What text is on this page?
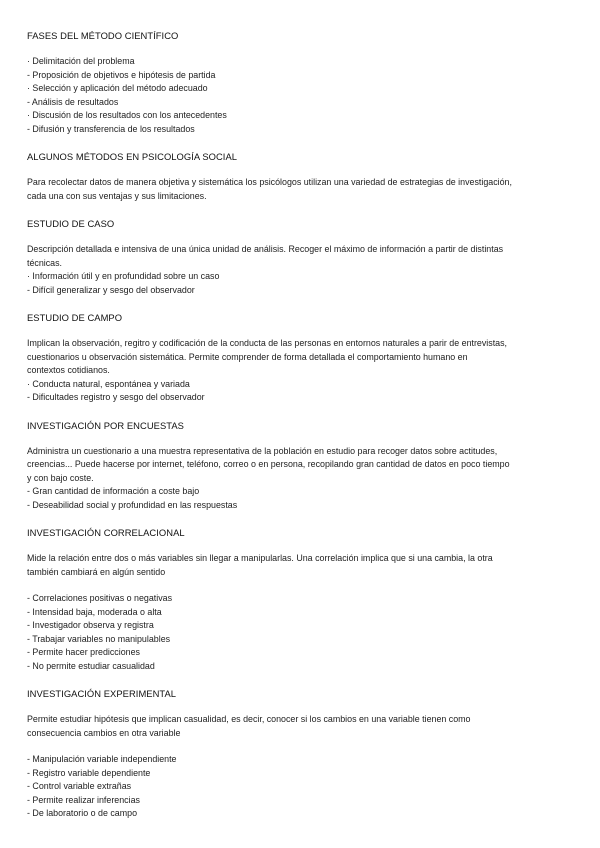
FASES DEL MÉTODO CIENTÍFICO

· Delimitación del problema

- Proposición de objetivos e hipótesis de partida

· Selección y aplicación del método adecuado

- Análisis de resultados

· Discusión de los resultados con los antecedentes

- Difusión y transferencia de los resultados

ALGUNOS MÉTODOS EN PSICOLOGÍA SOCIAL

Para recolectar datos de manera objetiva y sistemática los psicólogos utilizan una variedad de estrategias de investigación,

cada una con sus ventajas y sus limitaciones.

ESTUDIO DE CASO

Descripción detallada e intensiva de una única unidad de análisis. Recoger el máximo de información a partir de distintas

técnicas.

· Información útil y en profundidad sobre un caso

- Difícil generalizar y sesgo del observador

ESTUDIO DE CAMPO

Implican la observación, regitro y codificación de la conducta de las personas en entornos naturales a parir de entrevistas,

cuestionarios u observación sistemática. Permite comprender de forma detallada el comportamiento humano en

contextos cotidianos.

· Conducta natural, espontánea y variada

- Dificultades registro y sesgo del observador

INVESTIGACIÓN POR ENCUESTAS

Administra un cuestionario a una muestra representativa de la población en estudio para recoger datos sobre actitudes,

creencias... Puede hacerse por internet, teléfono, correo o en persona, recopilando gran cantidad de datos en poco tiempo

y con bajo coste.

- Gran cantidad de información a coste bajo

- Deseabilidad social y profundidad en las respuestas

INVESTIGACIÓN CORRELACIONAL

Mide la relación entre dos o más variables sin llegar a manipularlas. Una correlación implica que si una cambia, la otra

también cambiará en algún sentido

- Correlaciones positivas o negativas

- Intensidad baja, moderada o alta

- Investigador observa y registra

- Trabajar variables no manipulables

- Permite hacer predicciones

- No permite estudiar casualidad

INVESTIGACIÓN EXPERIMENTAL

Permite estudiar hipótesis que implican casualidad, es decir, conocer si los cambios en una variable tienen como

consecuencia cambios en otra variable

- Manipulación variable independiente

- Registro variable dependiente

- Control variable extrañas

- Permite realizar inferencias

- De laboratorio o de campo
